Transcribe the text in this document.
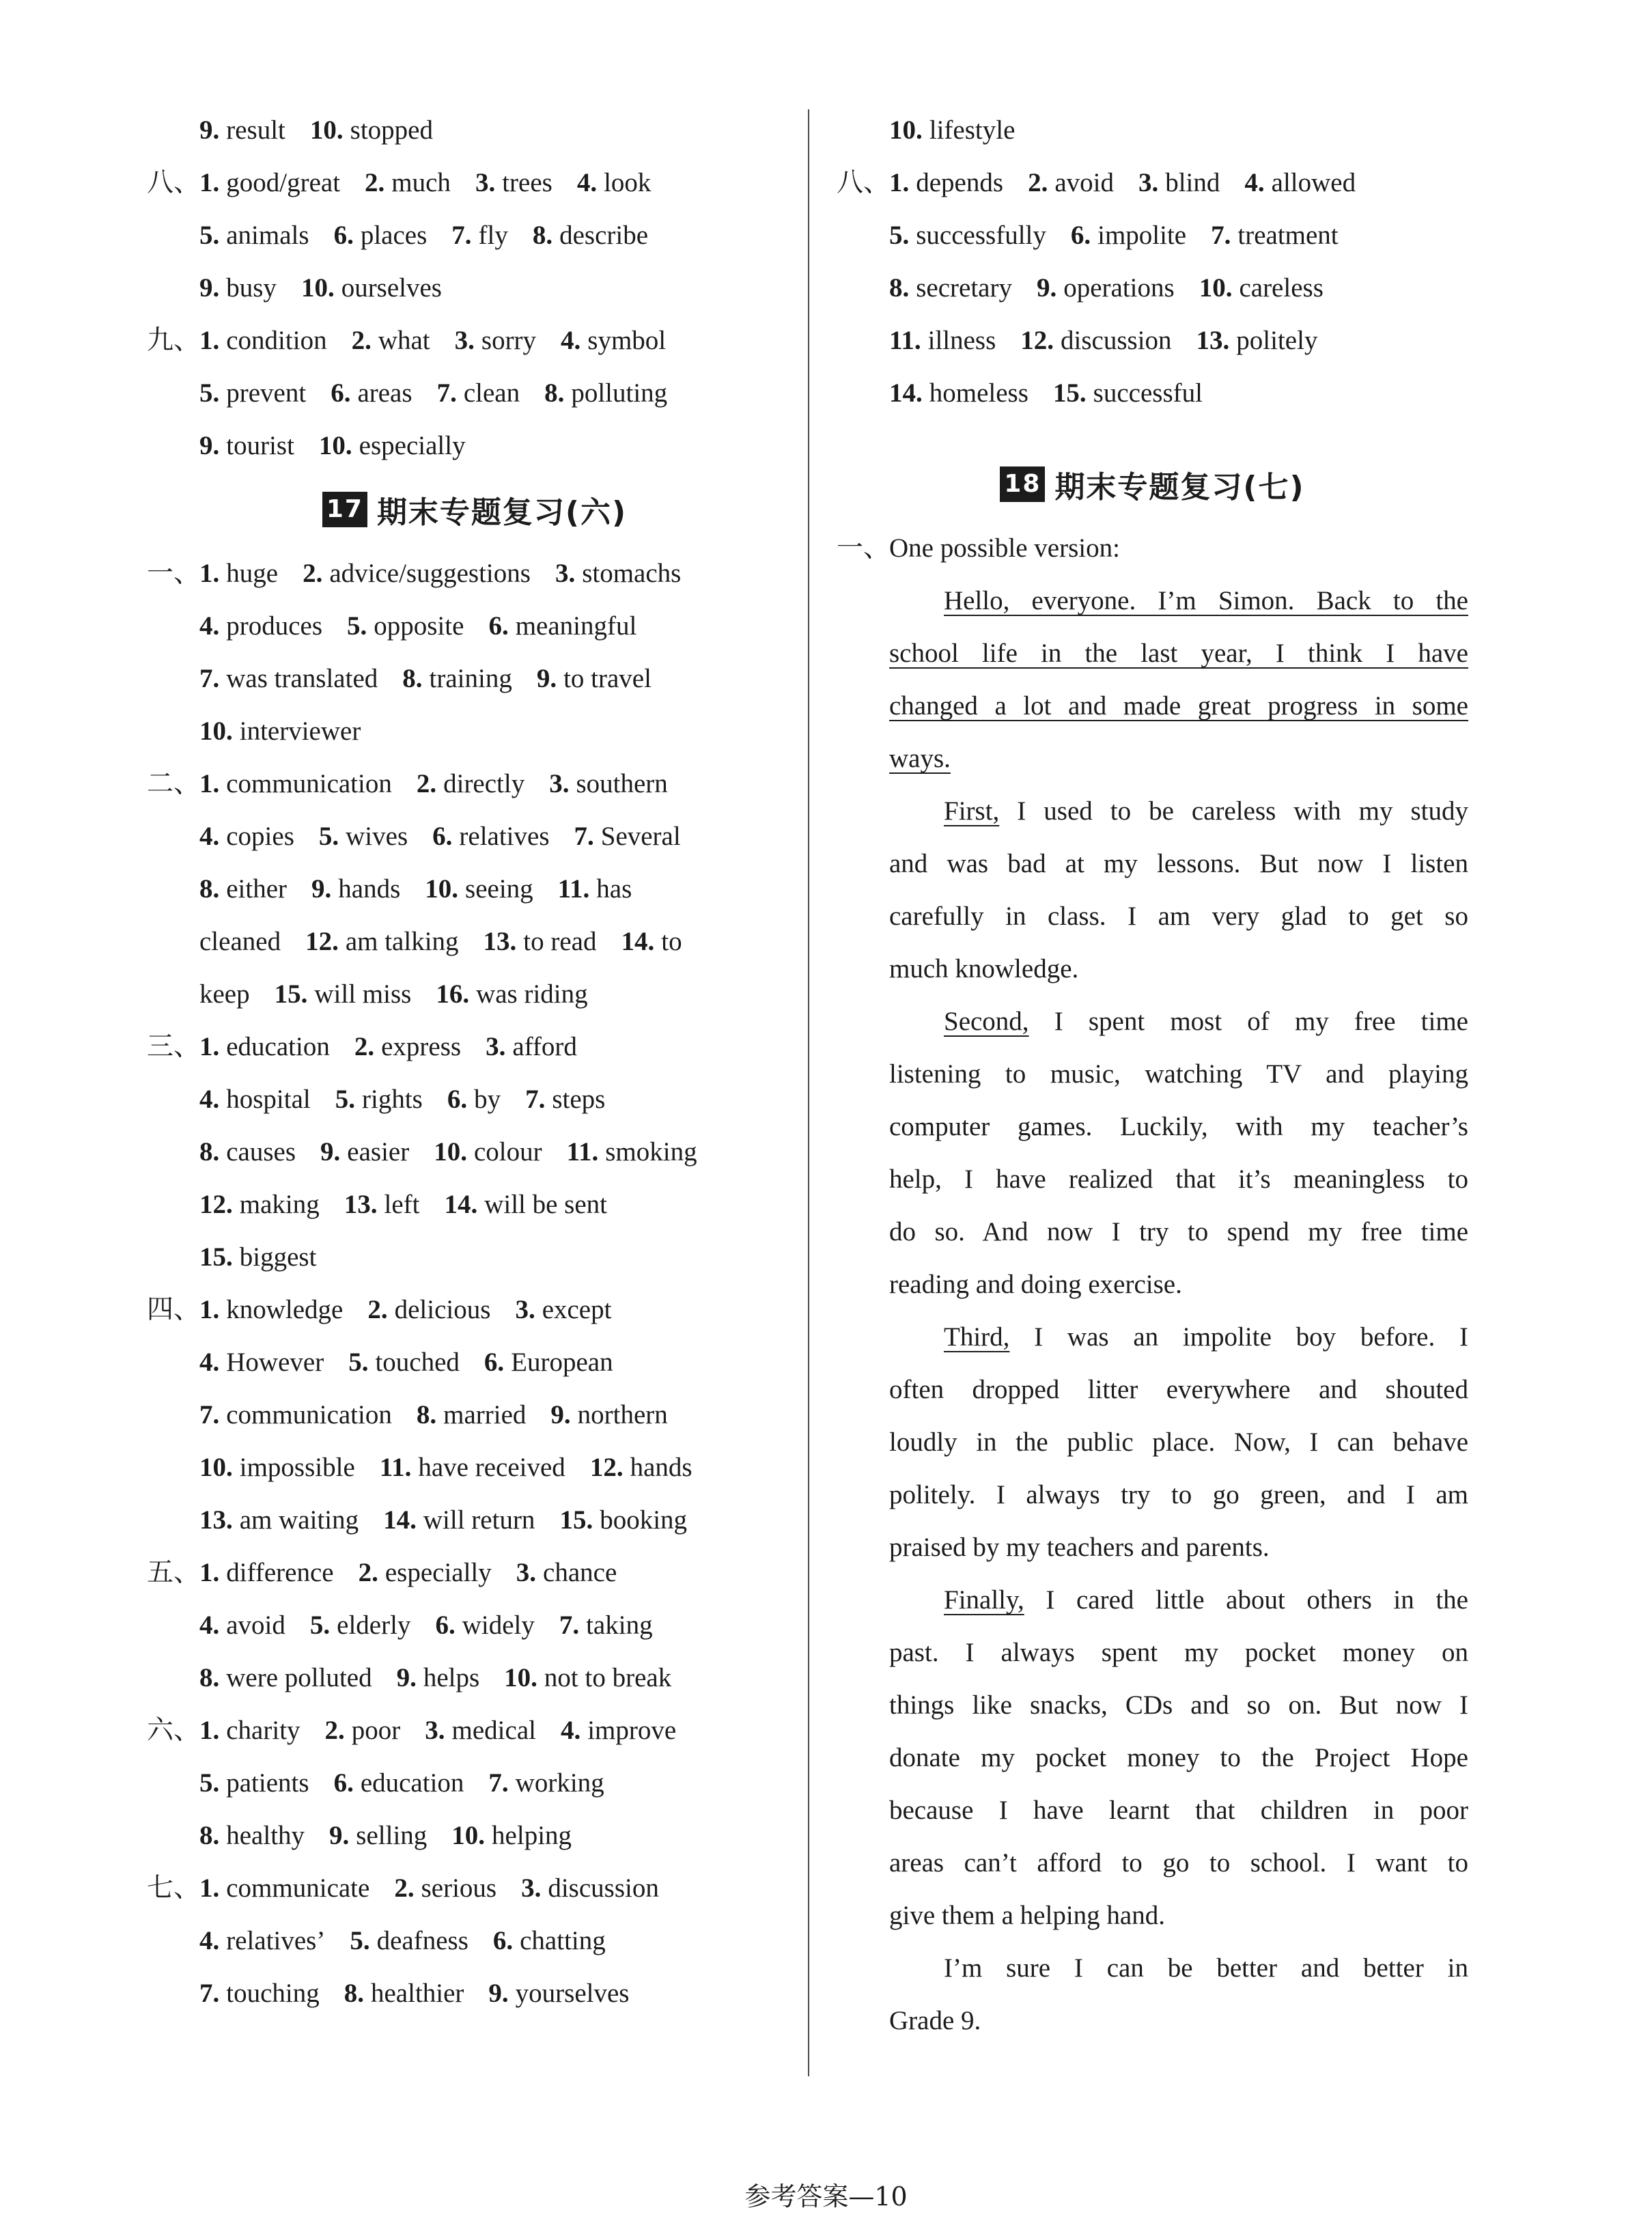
9. result 10. stopped
八、1. good/great 2. much 3. trees 4. look
5. animals 6. places 7. fly 8. describe
9. busy 10. ourselves
九、1. condition 2. what 3. sorry 4. symbol
5. prevent 6. areas 7. clean 8. polluting
9. tourist 10. especially
17 期末专题复习(六)
一、1. huge 2. advice/suggestions 3. stomachs
4. produces 5. opposite 6. meaningful
7. was translated 8. training 9. to travel
10. interviewer
二、1. communication 2. directly 3. southern
4. copies 5. wives 6. relatives 7. Several
8. either 9. hands 10. seeing 11. has
cleaned 12. am talking 13. to read 14. to
keep 15. will miss 16. was riding
三、1. education 2. express 3. afford
4. hospital 5. rights 6. by 7. steps
8. causes 9. easier 10. colour 11. smoking
12. making 13. left 14. will be sent
15. biggest
四、1. knowledge 2. delicious 3. except
4. However 5. touched 6. European
7. communication 8. married 9. northern
10. impossible 11. have received 12. hands
13. am waiting 14. will return 15. booking
五、1. difference 2. especially 3. chance
4. avoid 5. elderly 6. widely 7. taking
8. were polluted 9. helps 10. not to break
六、1. charity 2. poor 3. medical 4. improve
5. patients 6. education 7. working
8. healthy 9. selling 10. helping
七、1. communicate 2. serious 3. discussion
4. relatives’ 5. deafness 6. chatting
7. touching 8. healthier 9. yourselves
10. lifestyle
八、1. depends 2. avoid 3. blind 4. allowed
5. successfully 6. impolite 7. treatment
8. secretary 9. operations 10. careless
11. illness 12. discussion 13. politely
14. homeless 15. successful
18 期末专题复习(七)
一、One possible version:
Hello, everyone. I’m Simon. Back to the
school life in the last year, I think I have
changed a lot and made great progress in some
ways.
First, I used to be careless with my study
and was bad at my lessons. But now I listen
carefully in class. I am very glad to get so
much knowledge.
Second, I spent most of my free time
listening to music, watching TV and playing
computer games. Luckily, with my teacher’s
help, I have realized that it’s meaningless to
do so. And now I try to spend my free time
reading and doing exercise.
Third, I was an impolite boy before. I
often dropped litter everywhere and shouted
loudly in the public place. Now, I can behave
politely. I always try to go green, and I am
praised by my teachers and parents.
Finally, I cared little about others in the
past. I always spent my pocket money on
things like snacks, CDs and so on. But now I
donate my pocket money to the Project Hope
because I have learnt that children in poor
areas can’t afford to go to school. I want to
give them a helping hand.
I’m sure I can be better and better in
Grade 9.
参考答案—10
